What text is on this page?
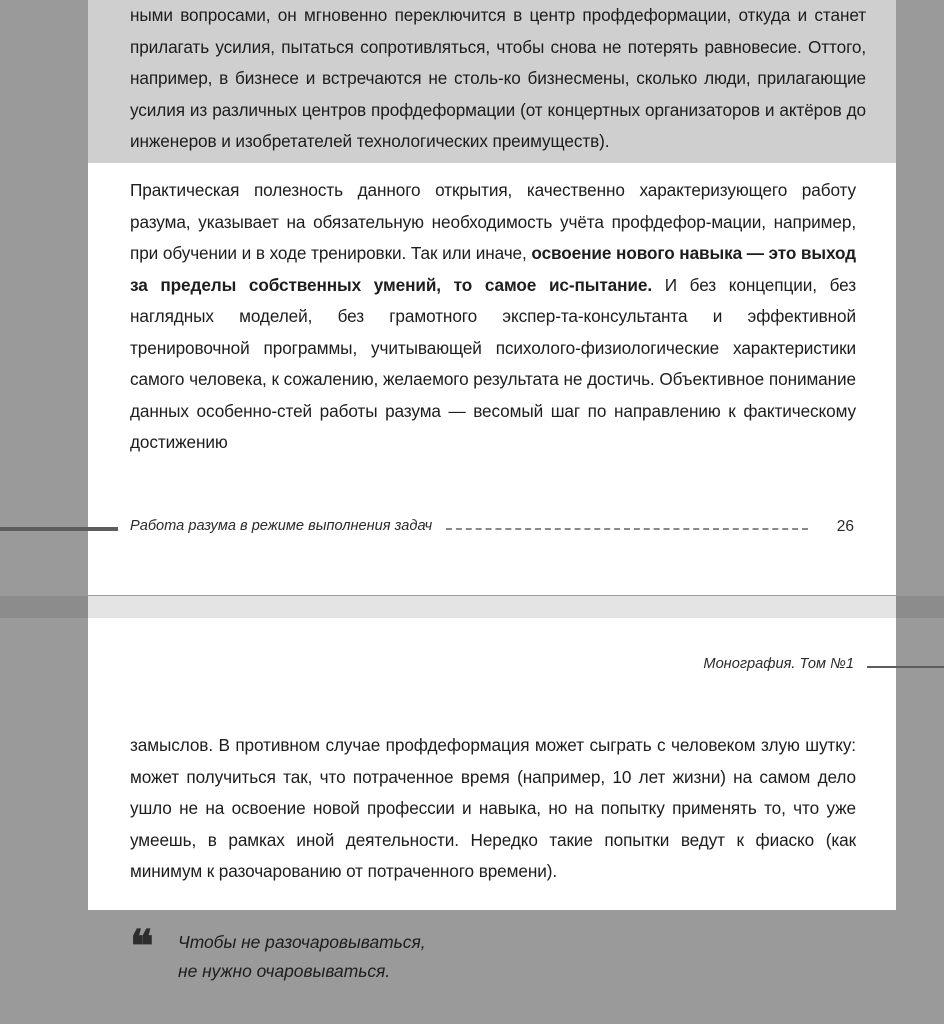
ными вопросами, он мгновенно переключится в центр профдеформации, откуда и станет прилагать усилия, пытаться сопротивляться, чтобы снова не потерять равновесие. Оттого, например, в бизнесе и встречаются не столь-ко бизнесмены, сколько люди, прилагающие усилия из различных центров профдеформации (от концертных организаторов и актёров до инженеров и изобретателей технологических преимуществ).

Практическая полезность данного открытия, качественно характеризующего работу разума, указывает на обязательную необходимость учёта профдефор-мации, например, при обучении и в ходе тренировки. Так или иначе, освоение нового навыка — это выход за пределы собственных умений, то самое ис-пытание. И без концепции, без наглядных моделей, без грамотного экспер-та-консультанта и эффективной тренировочной программы, учитывающей психолого-физиологические характеристики самого человека, к сожалению, желаемого результата не достичь. Объективное понимание данных особенно-стей работы разума — весомый шаг по направлению к фактическому достижению

Работа разума в режиме выполнения задач	26
Монография. Том №1

замыслов. В противном случае профдеформация может сыграть с человеком злую шутку: может получиться так, что потраченное время (например, 10 лет жизни) на самом дело ушло не на освоение новой профессии и навыка, но на попытку применять то, что уже умеешь, в рамках иной деятельности. Нередко такие попытки ведут к фиаско (как минимум к разочарованию от потраченного времени).

❝	Чтобы не разочаровываться,
не нужно очаровываться.
